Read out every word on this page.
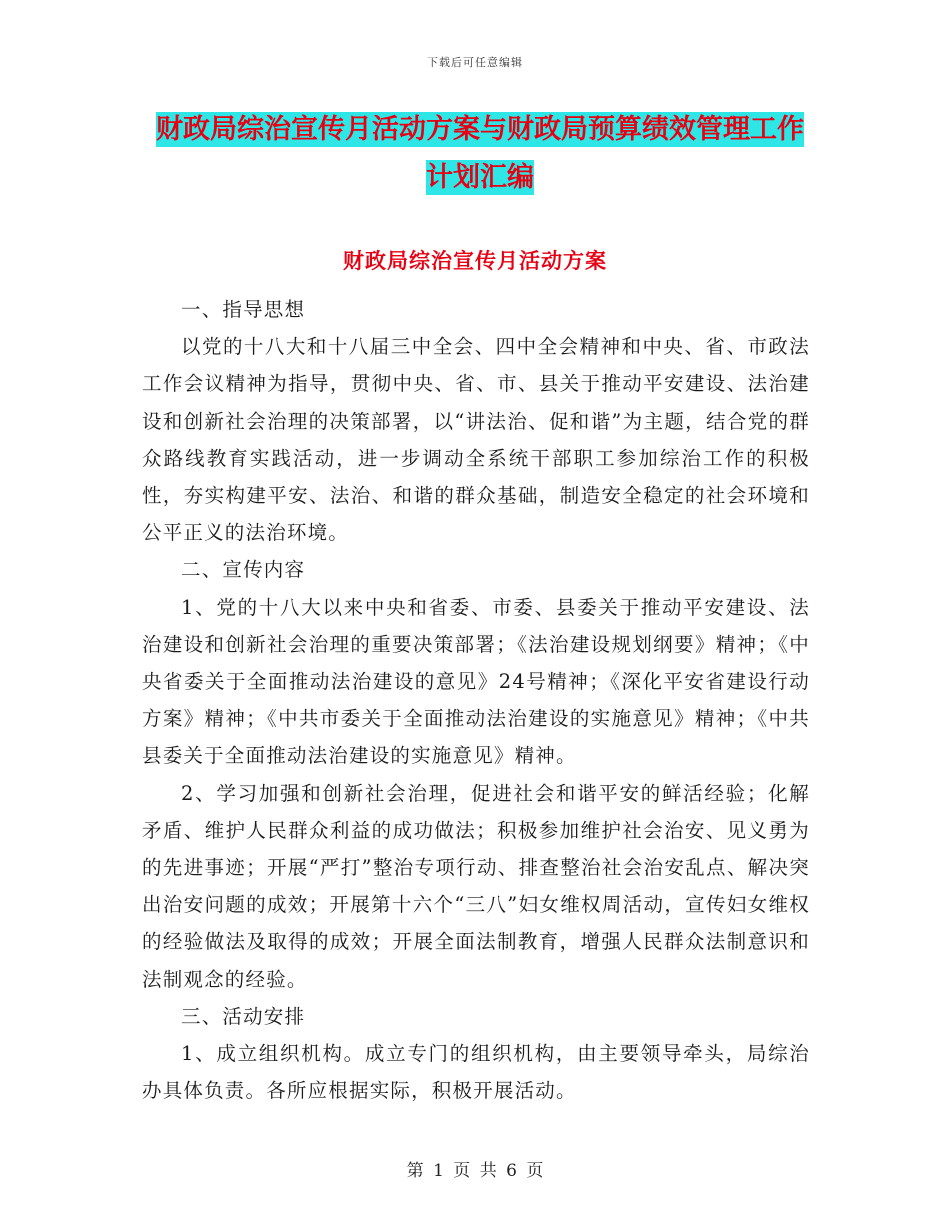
下载后可任意编辑
财政局综治宣传月活动方案与财政局预算绩效管理工作计划汇编
财政局综治宣传月活动方案

一、指导思想

以党的十八大和十八届三中全会、四中全会精神和中央、省、市政法工作会议精神为指导，贯彻中央、省、市、县关于推动平安建设、法治建设和创新社会治理的决策部署，以“讲法治、促和谐”为主题，结合党的群众路线教育实践活动，进一步调动全系统干部职工参加综治工作的积极性，夯实构建平安、法治、和谐的群众基础，制造安全稳定的社会环境和公平正义的法治环境。

二、宣传内容

1、党的十八大以来中央和省委、市委、县委关于推动平安建设、法治建设和创新社会治理的重要决策部署；《法治建设规划纲要》精神；《中央省委关于全面推动法治建设的意见》24号精神；《深化平安省建设行动方案》精神；《中共市委关于全面推动法治建设的实施意见》精神；《中共县委关于全面推动法治建设的实施意见》精神。

2、学习加强和创新社会治理，促进社会和谐平安的鲜活经验；化解矛盾、维护人民群众利益的成功做法；积极参加维护社会治安、见义勇为的先进事迹；开展“严打”整治专项行动、排查整治社会治安乱点、解决突出治安问题的成效；开展第十六个“三八”妇女维权周活动，宣传妇女维权的经验做法及取得的成效；开展全面法制教育，增强人民群众法制意识和法制观念的经验。

三、活动安排

1、成立组织机构。成立专门的组织机构，由主要领导牵头，局综治办具体负责。各所应根据实际，积极开展活动。

第 1 页 共 6 页
